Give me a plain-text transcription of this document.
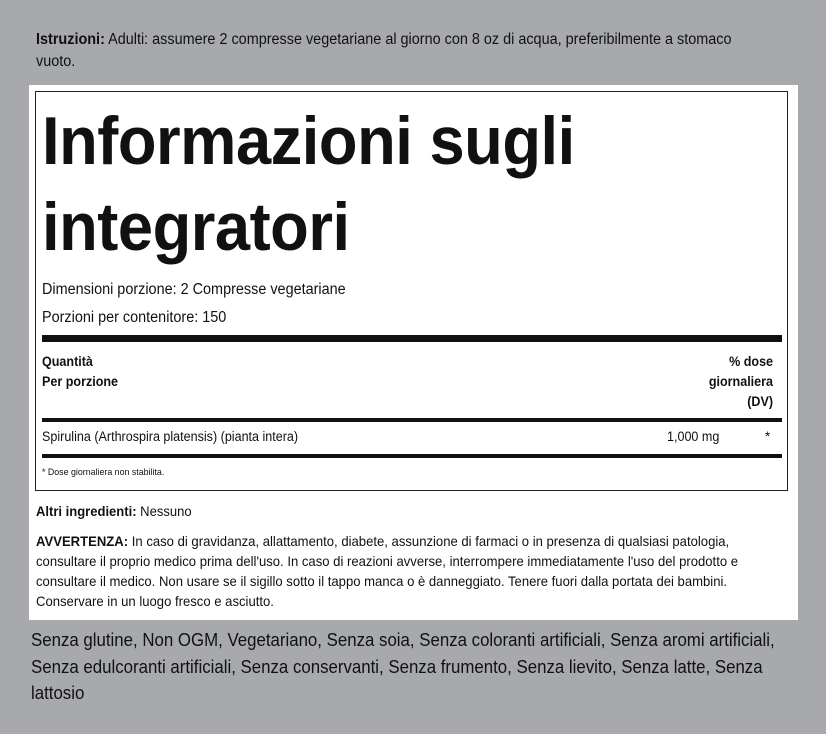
Istruzioni: Adulti: assumere 2 compresse vegetariane al giorno con 8 oz di acqua, preferibilmente a stomaco vuoto.
Informazioni sugli integratori
Dimensioni porzione: 2 Compresse vegetariane
Porzioni per contenitore: 150
Quantità
Per porzione
% dose
giornaliera
(DV)
Spirulina (Arthrospira platensis) (pianta intera)	1,000 mg	*
* Dose giornaliera non stabilita.
Altri ingredienti: Nessuno
AVVERTENZA: In caso di gravidanza, allattamento, diabete, assunzione di farmaci o in presenza di qualsiasi patologia, consultare il proprio medico prima dell'uso. In caso di reazioni avverse, interrompere immediatamente l'uso del prodotto e consultare il medico. Non usare se il sigillo sotto il tappo manca o è danneggiato. Tenere fuori dalla portata dei bambini. Conservare in un luogo fresco e asciutto.
Senza glutine, Non OGM, Vegetariano, Senza soia, Senza coloranti artificiali, Senza aromi artificiali, Senza edulcoranti artificiali, Senza conservanti, Senza frumento, Senza lievito, Senza latte, Senza lattosio
